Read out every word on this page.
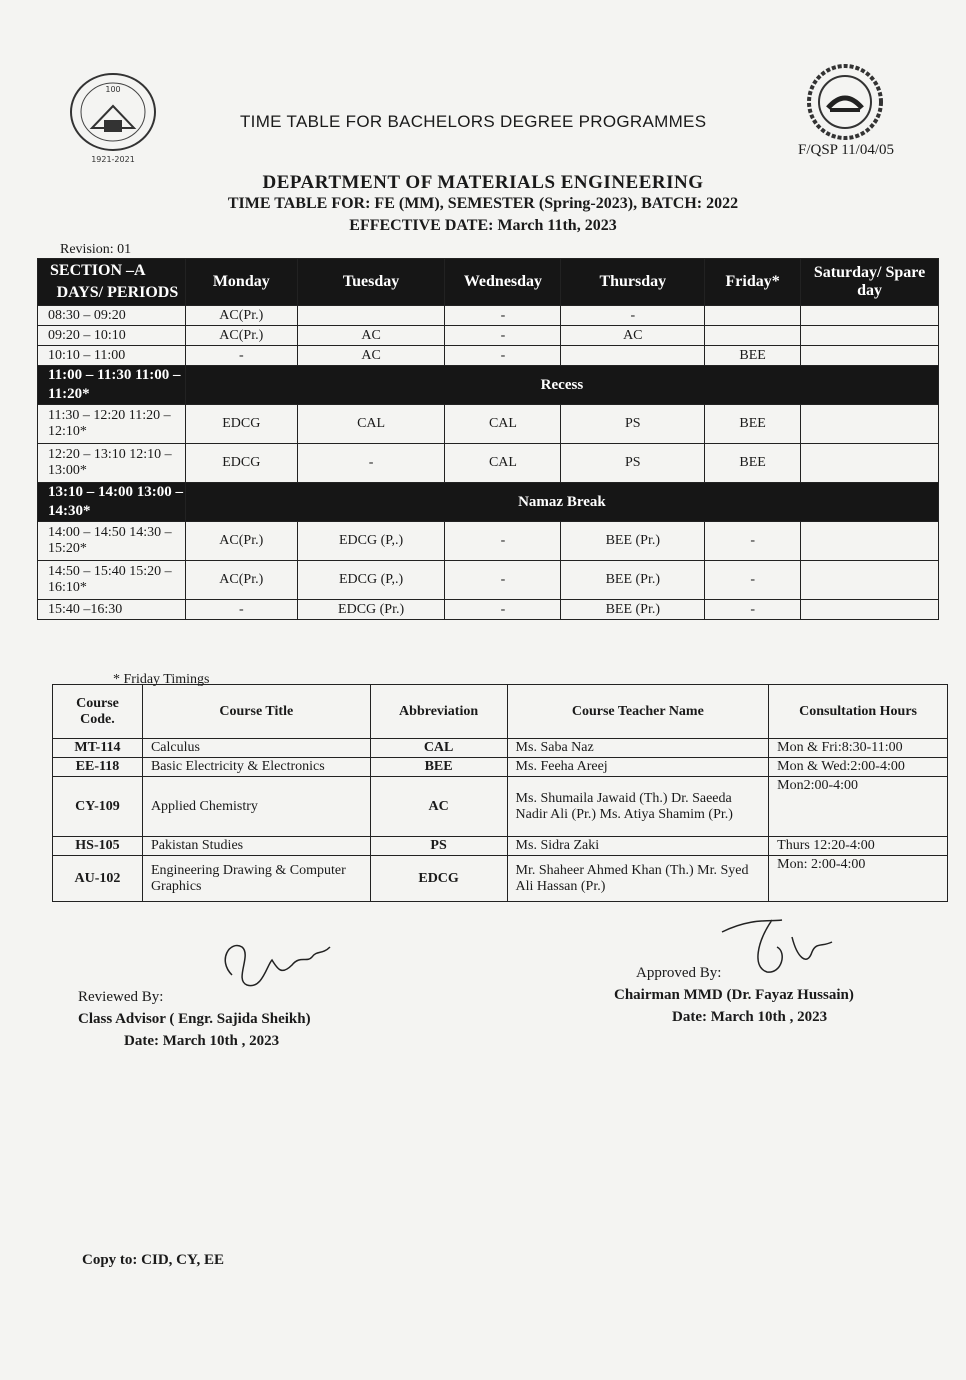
100
1921-2021
TIME TABLE FOR BACHELORS DEGREE PROGRAMMES
F/QSP 11/04/05
DEPARTMENT OF MATERIALS ENGINEERING
TIME TABLE FOR: FE (MM), SEMESTER (Spring-2023), BATCH: 2022
EFFECTIVE DATE: March 11th, 2023
Revision: 01
SECTION –A
DAYS/ PERIODS	Monday	Tuesday	Wednesday	Thursday	Friday*	Saturday/ Spare day
08:30 – 09:20	AC(Pr.)		-	-		
09:20 – 10:10	AC(Pr.)	AC	-	AC		
10:10 – 11:00	-	AC	-		BEE	
11:00 – 11:30 11:00 – 11:20*	Recess					
11:30 – 12:20 11:20 – 12:10*	EDCG	CAL	CAL	PS	BEE	
12:20 – 13:10 12:10 – 13:00*	EDCG	-	CAL	PS	BEE	
13:10 – 14:00 13:00 – 14:30*	Namaz Break					
14:00 – 14:50 14:30 – 15:20*	AC(Pr.)	EDCG (P,.)	-	BEE (Pr.)	-	
14:50 – 15:40 15:20 – 16:10*	AC(Pr.)	EDCG (P,.)	-	BEE (Pr.)	-	
15:40 –16:30	-	EDCG (Pr.)	-	BEE (Pr.)	-	
* Friday Timings
Course Code.	Course Title	Abbreviation	Course Teacher Name	Consultation Hours
MT-114	Calculus	CAL	Ms. Saba Naz	Mon & Fri:8:30-11:00
EE-118	Basic Electricity & Electronics	BEE	Ms. Feeha Areej	Mon & Wed:2:00-4:00
CY-109	Applied Chemistry	AC	Ms. Shumaila Jawaid (Th.) Dr. Saeeda Nadir Ali (Pr.) Ms. Atiya Shamim (Pr.)	Mon2:00-4:00
HS-105	Pakistan Studies	PS	Ms. Sidra Zaki	Thurs 12:20-4:00
AU-102	Engineering Drawing & Computer Graphics	EDCG	Mr. Shaheer Ahmed Khan (Th.) Mr. Syed Ali Hassan (Pr.)	Mon: 2:00-4:00
Reviewed By:
Class Advisor ( Engr. Sajida Sheikh)
Date: March 10th , 2023
Approved By:
Chairman MMD (Dr. Fayaz Hussain)
Date: March 10th , 2023
Copy to: CID, CY, EE
